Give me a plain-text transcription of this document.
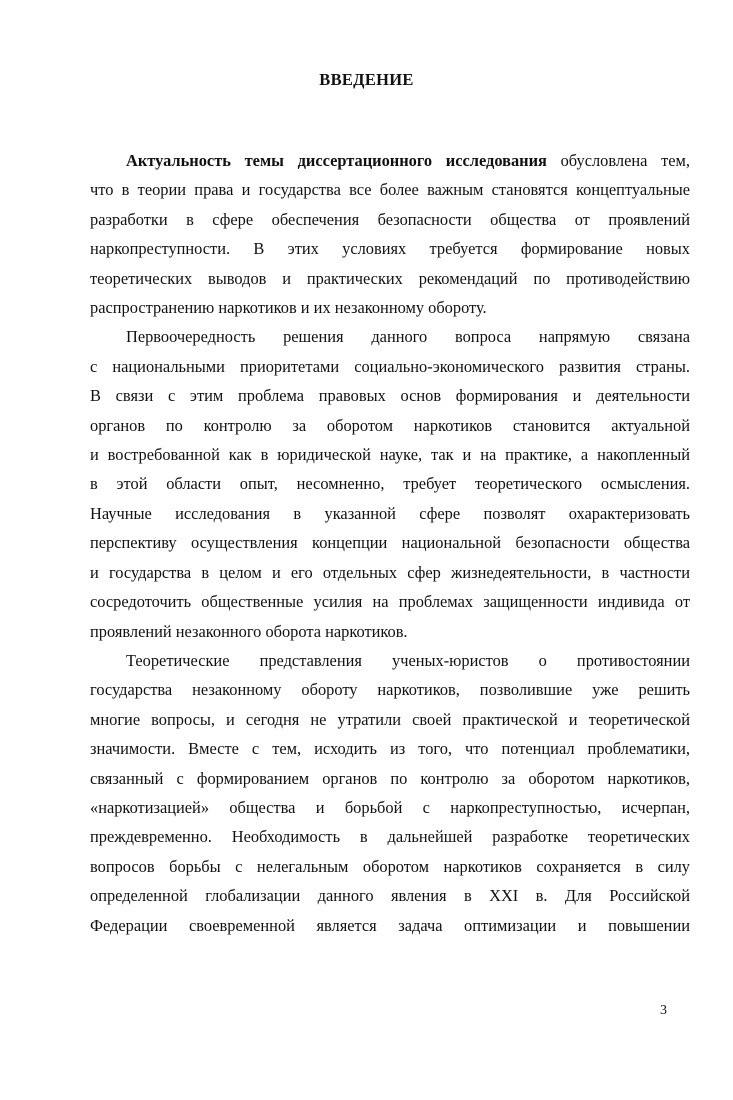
ВВЕДЕНИЕ
Актуальность темы диссертационного исследования обусловлена тем,
что в теории права и государства все более важным становятся концептуальные
разработки в сфере обеспечения безопасности общества от проявлений
наркопреступности. В этих условиях требуется формирование новых
теоретических выводов и практических рекомендаций по противодействию
распространению наркотиков и их незаконному обороту.
Первоочередность решения данного вопроса напрямую связана
с национальными приоритетами социально-экономического развития страны.
В связи с этим проблема правовых основ формирования и деятельности
органов по контролю за оборотом наркотиков становится актуальной
и востребованной как в юридической науке, так и на практике, а накопленный
в этой области опыт, несомненно, требует теоретического осмысления.
Научные исследования в указанной сфере позволят охарактеризовать
перспективу осуществления концепции национальной безопасности общества
и государства в целом и его отдельных сфер жизнедеятельности, в частности
сосредоточить общественные усилия на проблемах защищенности индивида от
проявлений незаконного оборота наркотиков.
Теоретические представления ученых-юристов о противостоянии
государства незаконному обороту наркотиков, позволившие уже решить
многие вопросы, и сегодня не утратили своей практической и теоретической
значимости. Вместе с тем, исходить из того, что потенциал проблематики,
связанный с формированием органов по контролю за оборотом наркотиков,
«наркотизацией» общества и борьбой с наркопреступностью, исчерпан,
преждевременно. Необходимость в дальнейшей разработке теоретических
вопросов борьбы с нелегальным оборотом наркотиков сохраняется в силу
определенной глобализации данного явления в XXI в. Для Российской
Федерации своевременной является задача оптимизации и повышении
3
